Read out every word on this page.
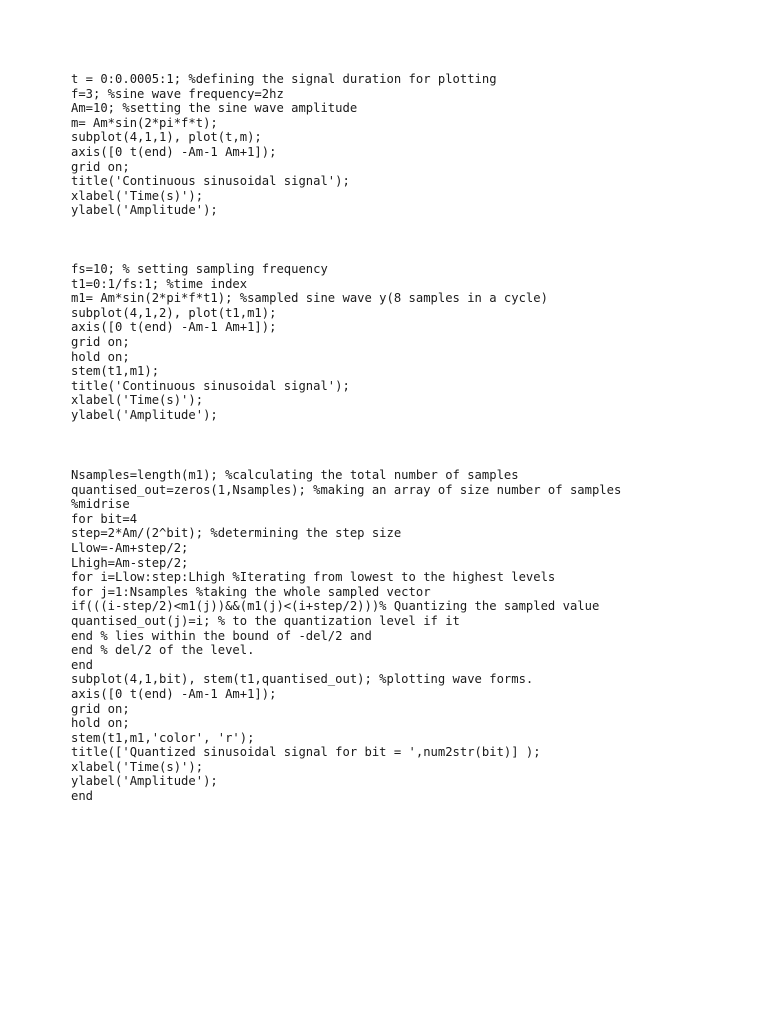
t = 0:0.0005:1; %defining the signal duration for plotting
f=3; %sine wave frequency=2hz
Am=10; %setting the sine wave amplitude
m= Am*sin(2*pi*f*t);
subplot(4,1,1), plot(t,m);
axis([0 t(end) -Am-1 Am+1]);
grid on;
title('Continuous sinusoidal signal');
xlabel('Time(s)');
ylabel('Amplitude');
fs=10; % setting sampling frequency
t1=0:1/fs:1; %time index
m1= Am*sin(2*pi*f*t1); %sampled sine wave y(8 samples in a cycle)
subplot(4,1,2), plot(t1,m1);
axis([0 t(end) -Am-1 Am+1]);
grid on;
hold on;
stem(t1,m1);
title('Continuous sinusoidal signal');
xlabel('Time(s)');
ylabel('Amplitude');
Nsamples=length(m1); %calculating the total number of samples
quantised_out=zeros(1,Nsamples); %making an array of size number of samples
%midrise
for bit=4
step=2*Am/(2^bit); %determining the step size
Llow=-Am+step/2;
Lhigh=Am-step/2;
for i=Llow:step:Lhigh %Iterating from lowest to the highest levels
for j=1:Nsamples %taking the whole sampled vector
if(((i-step/2)<m1(j))&&(m1(j)<(i+step/2)))% Quantizing the sampled value
quantised_out(j)=i; % to the quantization level if it
end % lies within the bound of -del/2 and
end % del/2 of the level.
end
subplot(4,1,bit), stem(t1,quantised_out); %plotting wave forms.
axis([0 t(end) -Am-1 Am+1]);
grid on;
hold on;
stem(t1,m1,'color', 'r');
title(['Quantized sinusoidal signal for bit = ',num2str(bit)] );
xlabel('Time(s)');
ylabel('Amplitude');
end
